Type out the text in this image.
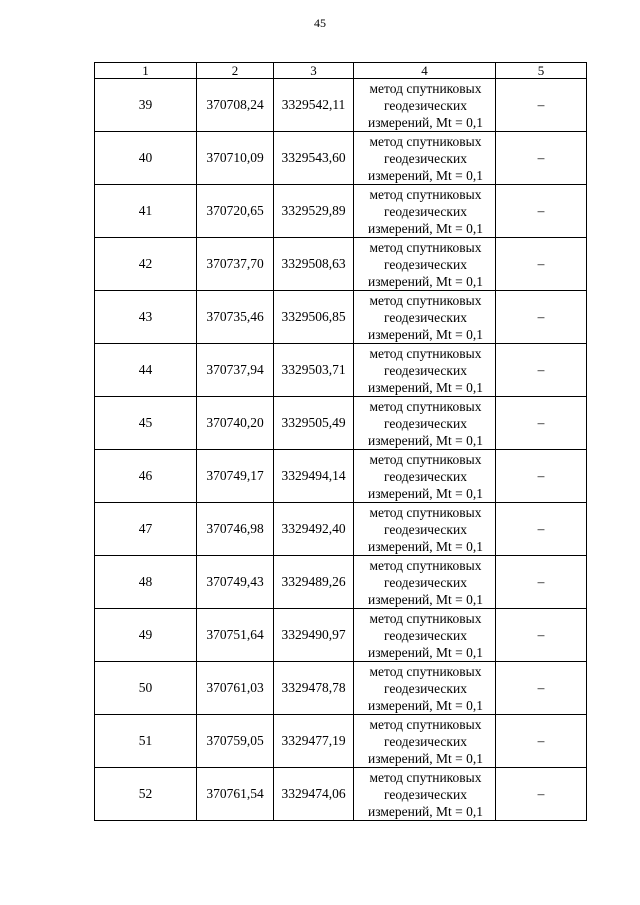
45
1	2	3	4	5
39	370708,24	3329542,11	метод спутниковых
геодезических
измерений, Mt = 0,1	–
40	370710,09	3329543,60	метод спутниковых
геодезических
измерений, Mt = 0,1	–
41	370720,65	3329529,89	метод спутниковых
геодезических
измерений, Mt = 0,1	–
42	370737,70	3329508,63	метод спутниковых
геодезических
измерений, Mt = 0,1	–
43	370735,46	3329506,85	метод спутниковых
геодезических
измерений, Mt = 0,1	–
44	370737,94	3329503,71	метод спутниковых
геодезических
измерений, Mt = 0,1	–
45	370740,20	3329505,49	метод спутниковых
геодезических
измерений, Mt = 0,1	–
46	370749,17	3329494,14	метод спутниковых
геодезических
измерений, Mt = 0,1	–
47	370746,98	3329492,40	метод спутниковых
геодезических
измерений, Mt = 0,1	–
48	370749,43	3329489,26	метод спутниковых
геодезических
измерений, Mt = 0,1	–
49	370751,64	3329490,97	метод спутниковых
геодезических
измерений, Mt = 0,1	–
50	370761,03	3329478,78	метод спутниковых
геодезических
измерений, Mt = 0,1	–
51	370759,05	3329477,19	метод спутниковых
геодезических
измерений, Mt = 0,1	–
52	370761,54	3329474,06	метод спутниковых
геодезических
измерений, Mt = 0,1	–
